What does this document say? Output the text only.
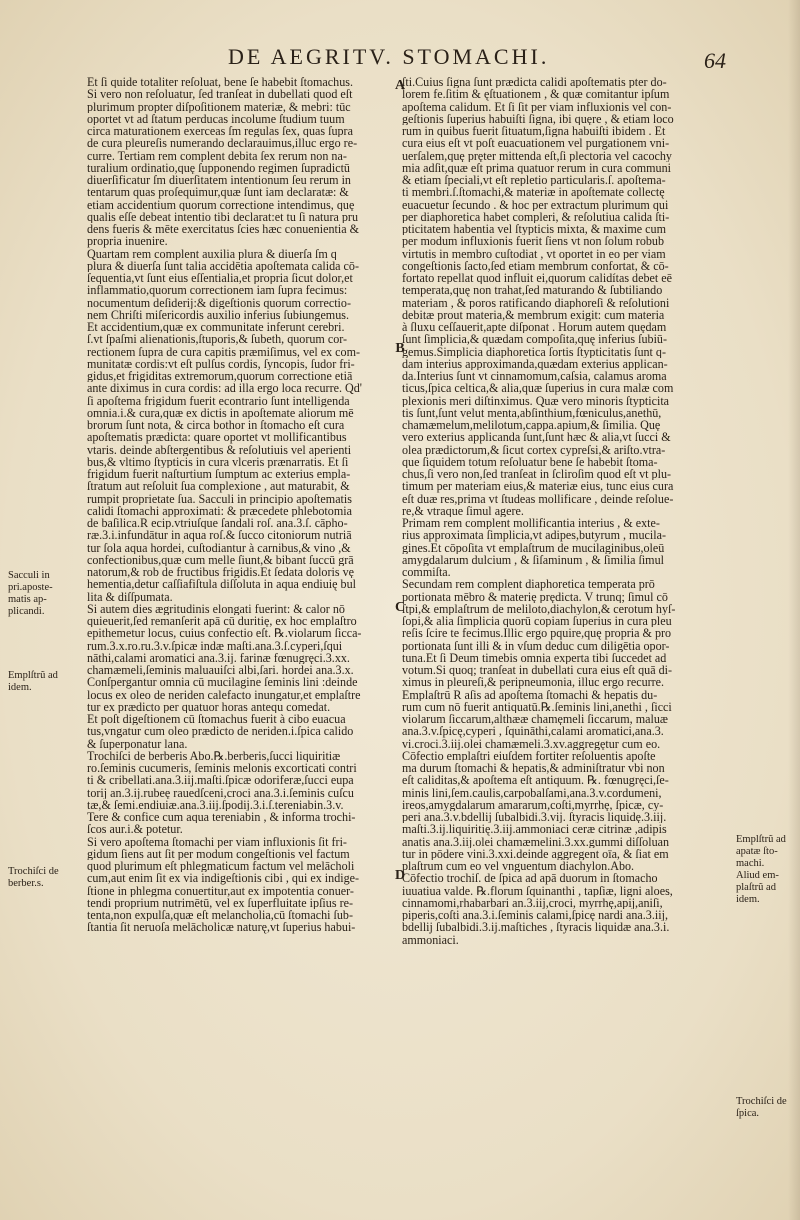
DE AEGRITV. STOMACHI.	64
A
B
C
D
Sacculi in pri.aposte- matis ap- plicandi.
Emplſtrũ ad idem.
Trochiſci de berber.s.
Emplſtrũ ad apatæ ſto- machi.
Aliud em- plaſtrũ ad idem.
Trochiſci de ſpica.
Et ſi quide totaliter reſoluat, bene ſe habebit ſtomachus.
Si vero non reſoluatur, ſed tranſeat in dubellati quod eſt
plurimum propter diſpoſitionem materiæ, & mebri: tūc
oportet vt ad ſtatum perducas incolume ſtudium tuum
circa maturationem exerceas ſm regulas ſex, quas ſupra
de cura pleureſis numerando declarauimus,illuc ergo re-
curre. Tertiam rem complent debita ſex rerum non na-
turalium ordinatio,quę ſupponendo regimen ſupradictū
diuerſificatur ſm diuerſitatem intentionum ſeu rerum in
tentarum quas proſequimur,quæ ſunt iam declaratæ: &
etiam accidentium quorum correctione intendimus, quę
qualis eſſe debeat intentio tibi declarat:et tu ſi natura pru
dens fueris & mēte exercitatus ſcies hæc conuenientia &
propria inuenire.
Quartam rem complent auxilia plura & diuerſa ſm q
plura & diuerſa ſunt talia accidētia apoſtemata calida cō-
ſequentia,vt ſunt eius eſſentialia,et propria ſicut dolor,et
inflammatio,quorum correctionem iam ſupra fecimus:
nocumentum deſiderij:& digeſtionis quorum correctio-
nem Chriſti miſericordis auxilio inferius ſubiungemus.
Et accidentium,quæ ex communitate inferunt cerebri.
ſ.vt ſpaſmi alienationis,ſtuporis,& ſubeth, quorum cor-
rectionem ſupra de cura capitis præmiſimus, vel ex com-
munitatæ cordis:vt eſt pulſus cordis, ſyncopis, ſudor fri-
gidus,et frigiditas extremorum,quorum correctione etiā
ante diximus in cura cordis: ad illa ergo loca recurre. Qd'
ſi apoſtema frigidum fuerit econtrario ſunt intelligenda
omnia.i.& cura,quæ ex dictis in apoſtemate aliorum mē
brorum ſunt nota, & circa bothor in ſtomacho eſt cura
apoſtematis prædicta: quare oportet vt mollificantibus
vtaris. deinde abſtergentibus & reſolutiuis vel aperienti
bus,& vltimo ſtypticis in cura vlceris prænarratis. Et ſi
frigidum fuerit naſturtium ſumptum ac exterius empla-
ſtratum aut reſoluit ſua complexione , aut maturabit, &
rumpit proprietate ſua. Sacculi in principio apoſtematis
calidi ſtomachi approximati: & præcedete phlebotomia
de baſilica.R ecip.vtriuſque ſandali roſ. ana.3.ſ. cāpho-
ræ.3.i.infundātur in aqua roſ.& ſucco citoniorum nutriā
tur ſola aqua hordei, cuſtodiantur à carnibus,& vino ,&
confectionibus,quæ cum melle ſiunt,& bibant ſuccū grā
natorum,& rob de fructibus frigidis.Et ſedata doloris vę
hementia,detur caſſiafiſtula diſſoluta in aqua endiuię bul
lita & diſſpumata.
Si autem dies ægritudinis elongati fuerint: & calor nō
quieuerit,ſed remanſerit apā cū duritię, ex hoc emplaſtro
epithemetur locus, cuius confectio eſt. ℞.violarum ſicca-
rum.3.x.ro.ru.3.v.ſpicæ indæ maſti.ana.3.ſ.cyperi,ſqui
nāthi,calami aromatici ana.3.ij. farinæ fœnugręci.3.xx.
chamæmeli,ſeminis maluauiſci albi,ſari. hordei ana.3.x.
Conſpergantur omnia cū mucilagine ſeminis lini :deinde
locus ex oleo de neriden calefacto inungatur,et emplaſtre
tur ex prædicto per quatuor horas antequ comedat.
Et poſt digeſtionem cū ſtomachus fuerit à cibo euacua
tus,vngatur cum oleo prædicto de neriden.i.ſpica calido
& ſuperponatur lana.
Trochiſci de berberis Abo.℞.berberis,ſucci liquiritiæ
ro.ſeminis cucumeris, ſeminis melonis excorticati contri
ti & cribellati.ana.3.iij.maſti.ſpicæ odoriferæ,ſucci eupa
torij an.3.ij.rubeę rauedſceni,croci ana.3.i.ſeminis cuſcu
tæ,& ſemi.endiuiæ.ana.3.iij.ſpodij.3.i.ſ.tereniabin.3.v.
Tere & confice cum aqua tereniabin , & informa trochi-
ſcos aur.i.& potetur.
Si vero apoſtema ſtomachi per viam influxionis ſit fri-
gidum ſiens aut ſit per modum congeſtionis vel factum
quod plurimum eſt phlegmaticum factum vel melācholi
cum,aut enim ſit ex via indigeſtionis cibi , qui ex indige-
ſtione in phlegma conuertitur,aut ex impotentia conuer-
tendi proprium nutrimētū, vel ex ſuperfluitate ipſius re-
tenta,non expulſa,quæ eſt melancholia,cū ſtomachi ſub-
ſtantia ſit neruoſa melācholicæ naturę,vt ſuperius habui-
ſti.Cuius ſigna ſunt prædicta calidi apoſtematis pter do-
lorem fe.ſitim & ęſtuationem , & quæ comitantur ipſum
apoſtema calidum. Et ſi ſit per viam influxionis vel con-
geſtionis ſuperius habuiſti ſigna, ibi quęre , & etiam loco
rum in quibus fuerit ſituatum,ſigna habuiſti ibidem . Et
cura eius eſt vt poſt euacuationem vel purgationem vni-
uerſalem,quę pręter mittenda eſt,ſi plectoria vel cacochy
mia adſit,quæ eſt prima quatuor rerum in cura communi
& etiam ſpeciali,vt eſt repletio particularis.ſ. apoſtema-
ti membri.ſ.ſtomachi,& materiæ in apoſtemate collectę
euacuetur ſecundo . & hoc per extractum plurimum qui
per diaphoretica habet compleri, & reſolutiua calida ſti-
pticitatem habentia vel ſtypticis mixta, & maxime cum
per modum influxionis fuerit ſiens vt non ſolum robub
virtutis in membro cuſtodiat , vt oportet in eo per viam
congeſtionis ſacto,ſed etiam membrum confortat, & cō-
fortato repellat quod influit ei,quorum calidítas debet eē
temperata,quę non trahat,ſed maturando & ſubtiliando
materiam , & poros ratificando diaphoreſi & reſolutioni
debitæ prout materia,& membrum exigit: cum materia
à ſluxu ceſſauerit,apte diſponat . Horum autem quędam
ſunt ſimplicia,& quædam compoſita,quę inferius ſubiū-
gemus.Simplicia diaphoretica ſortis ſtypticitatis ſunt q-
dam interius approximanda,quædam exterius applican-
da.Interius ſunt vt cinnamomum,caſsia, calamus aroma
ticus,ſpica celtica,& alia,quæ ſuperius in cura malæ com
plexionis meri diſtinximus. Quæ vero minoris ſtypticita
tis ſunt,ſunt velut menta,abſinthium,fœniculus,anethū,
chamæmelum,melilotum,cappa.apium,& ſimilia. Quę
vero exterius applicanda ſunt,ſunt hæc & alia,vt ſucci &
olea prædictorum,& ſicut cortex cypreſsi,& ariſto.vtra-
que ſiquidem totum reſoluatur bene ſe habebit ſtoma-
chus,ſi vero non,ſed tranſeat in ſcliroſim quod eſt vt plu-
timum per materiam eius,& materiæ eius, tunc eius cura
eſt duæ res,prima vt ſtudeas mollificare , deinde reſolue-
re,& vtraque ſimul agere.
Primam rem complent mollificantia interius , & exte-
rius approximata ſimplicia,vt adipes,butyrum , mucila-
gines.Et cōpoſita vt emplaſtrum de mucilaginibus,oleū
amygdalarum dulcium , & ſiſaminum , & ſimilia ſimul
commiſta.
Secundam rem complent diaphoretica temperata prō
portionata mēbro & materię prędicta. V trunq; ſimul cō
ſtpi,& emplaſtrum de meliloto,diachylon,& cerotum hyſ-
ſopi,& alia ſimplicia quorū copiam ſuperius in cura pleu
reſis ſcire te fecimus.Illic ergo pquire,quę propria & pro
portionata ſunt illi & in vſum deduc cum diligētia opor-
tuna.Et ſi Deum timebis omnia experta tibi ſuccedet ad
votum.Si quoq; tranſeat in dubellati cura eius eſt quā di-
ximus in pleureſi,& peripneumonia, illuc ergo recurre.
Emplaſtrū R aſis ad apoſtema ſtomachi & hepatis du-
rum cum nō fuerit antiquatū.℞.ſeminis lini,anethi , ſicci
violarum ſiccarum,althææ chamęmeli ſiccarum, maluæ
ana.3.v.ſpicę,cyperi , ſquināthi,calami aromatici,ana.3.
vi.croci.3.iij.olei chamæmeli.3.xv.aggregętur cum eo.
Cōfectio emplaſtri eiuſdem fortiter reſoluentis apoſte
ma durum ſtomachi & hepatis,& adminiſtratur vbi non
eſt caliditas,& apoſtema eſt antiquum. ℞. fœnugręci,ſe-
minis lini,ſem.caulis,carpobalſami,ana.3.v.cordumeni,
ireos,amygdalarum amararum,coſti,myrrhę, ſpicæ, cy-
peri ana.3.v.bdellij ſubalbidi.3.vij. ſtyracis liquidę.3.iij.
maſti.3.ij.liquiritię.3.iij.ammoniaci ceræ citrinæ ,adipis
anatis ana.3.iij.olei chamæmelini.3.xx.gummi diſſoluan
tur in pōdere vini.3.xxi.deinde aggregent oīa, & ſiat em
plaſtrum cum eo vel vnguentum diachylon.Abo.
Cōfectio trochiſ. de ſpica ad apā duorum in ſtomacho
iuuatiua valde. ℞.florum ſquinanthi , tapſiæ, ligni aloes,
cinnamomi,rhabarbari an.3.iij,croci, myrrhę,apij,aniſi,
piperis,coſti ana.3.i.ſeminis calami,ſpicę nardi ana.3.iij,
bdellij ſubalbidi.3.ij.maſtiches , ſtyracis liquidæ ana.3.i.
ammoniaci.
